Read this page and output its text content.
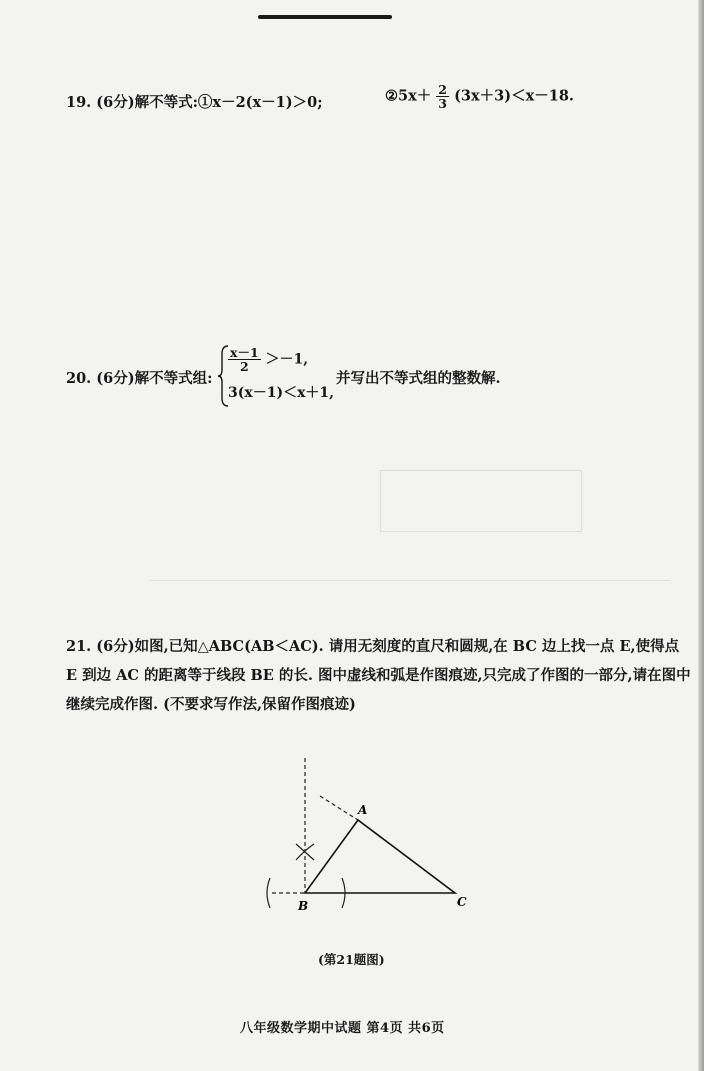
19. (6分)解不等式:①x－2(x－1)＞0;	②5x＋ $\frac{2}{3} (3x+3)<x-18$.
20. (6分)解不等式组:
$\frac{x-1}{2} >-1$,
3(x－1)＜x＋1,
并写出不等式组的整数解.
21. (6分)如图,已知△ABC(AB＜AC). 请用无刻度的直尺和圆规,在 BC 边上找一点 E,使得点 E 到边 AC 的距离等于线段 BE 的长. 图中虚线和弧是作图痕迹,只完成了作图的一部分,请在图中继续完成作图. (不要求写作法,保留作图痕迹)
A
B	C
(第21题图)
八年级数学期中试题 第4页 共6页
